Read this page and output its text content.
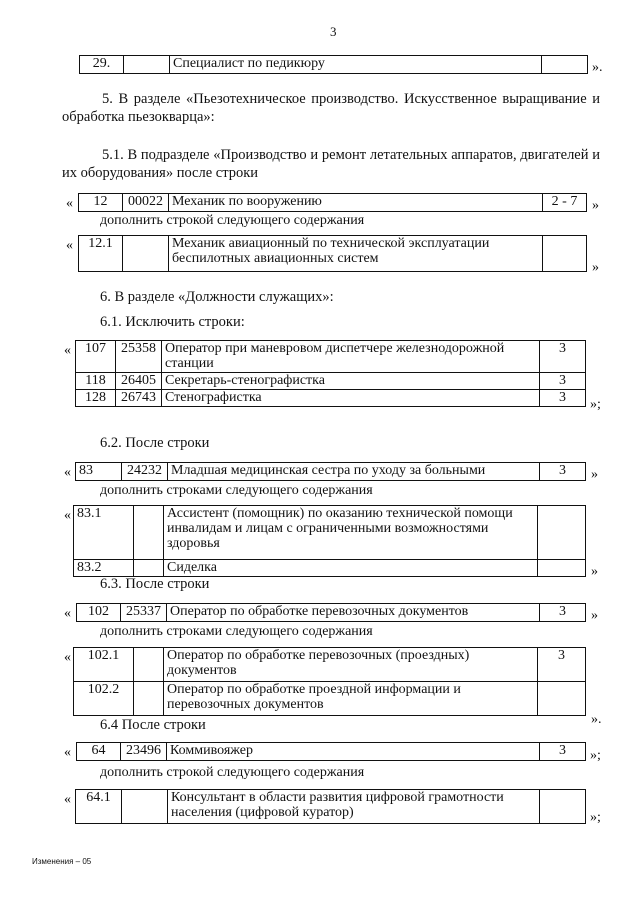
3
29.		Специалист по педикюру		».
5. В разделе «Пьезотехническое производство. Искусственное выращивание и обработка пьезокварца»:
5.1. В подразделе «Производство и ремонт летательных аппаратов, двигателей и их оборудования» после строки
« 12	00022	Механик по вооружению	2 - 7 »
дополнить строкой следующего содержания
« 12.1		Механик авиационный по технической эксплуатации беспилотных авиационных систем	
»
6. В разделе «Должности служащих»:
6.1. Исключить строки:
« 107	25358	Оператор при маневровом диспетчере железнодорожной станции	3
118	26405	Секретарь-стенографистка	3
128	26743	Стенографистка	3 »;
6.2. После строки
« 83	24232	Младшая медицинская сестра по уходу за больными	3 »
дополнить строками следующего содержания
« 83.1		Ассистент (помощник) по оказанию технической помощи инвалидам и лицам с ограниченными возможностями здоровья	
83.2		Сиделка		»
6.3. После строки
« 102	25337	Оператор по обработке перевозочных документов	3 »
дополнить строками следующего содержания
« 102.1		Оператор по обработке перевозочных (проездных) документов	3
102.2		Оператор по обработке проездной информации и перевозочных документов	
».
6.4 После строки
« 64	23496	Коммивояжер	3 »;
дополнить строкой следующего содержания
« 64.1		Консультант в области развития цифровой грамотности населения (цифровой куратор)		»;
Изменения – 05
